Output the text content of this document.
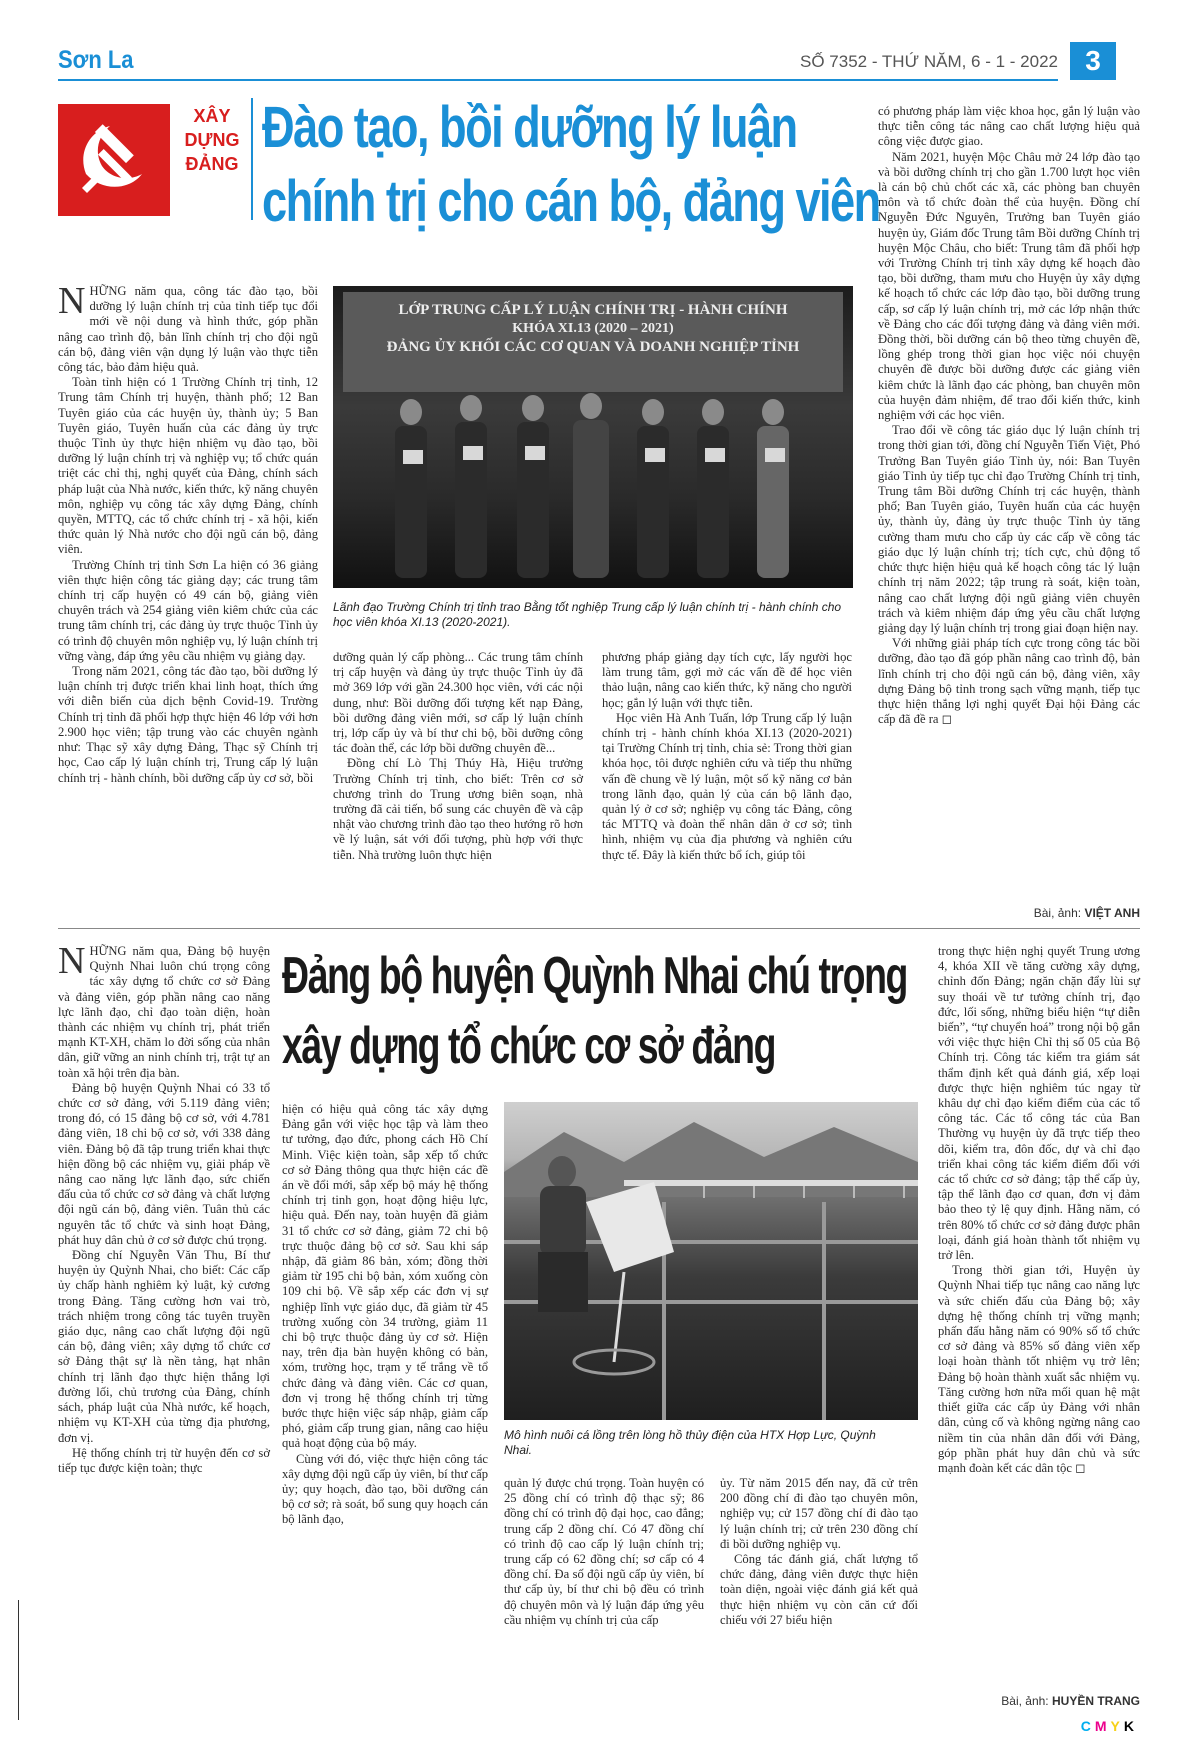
Sơn La	SỐ 7352 - THỨ NĂM, 6 - 1 - 2022 3
XÂY
DỰNG
ĐẢNG
Đào tạo, bồi dưỡng lý luận
chính trị cho cán bộ, đảng viên
LỚP TRUNG CẤP LÝ LUẬN CHÍNH TRỊ - HÀNH CHÍNH
KHÓA XI.13 (2020 – 2021)
ĐẢNG ỦY KHỐI CÁC CƠ QUAN VÀ DOANH NGHIỆP TỈNH
Lãnh đạo Trường Chính trị tỉnh trao Bằng tốt nghiệp Trung cấp lý luận chính trị - hành chính cho học viên khóa XI.13 (2020-2021).
N HỮNG năm qua, công tác đào tạo, bồi dưỡng lý luận chính trị của tỉnh tiếp tục đổi mới về nội dung và hình thức, góp phần nâng cao trình độ, bản lĩnh chính trị cho đội ngũ cán bộ, đảng viên vận dụng lý luận vào thực tiễn công tác, bảo đảm hiệu quả.

Toàn tỉnh hiện có 1 Trường Chính trị tỉnh, 12 Trung tâm Chính trị huyện, thành phố; 12 Ban Tuyên giáo của các huyện ủy, thành ủy; 5 Ban Tuyên giáo, Tuyên huấn của các đảng ủy trực thuộc Tỉnh ủy thực hiện nhiệm vụ đào tạo, bồi dưỡng lý luận chính trị và nghiệp vụ; tổ chức quán triệt các chỉ thị, nghị quyết của Đảng, chính sách pháp luật của Nhà nước, kiến thức, kỹ năng chuyên môn, nghiệp vụ công tác xây dựng Đảng, chính quyền, MTTQ, các tổ chức chính trị - xã hội, kiến thức quản lý Nhà nước cho đội ngũ cán bộ, đảng viên.

Trường Chính trị tỉnh Sơn La hiện có 36 giảng viên thực hiện công tác giảng dạy; các trung tâm chính trị cấp huyện có 49 cán bộ, giảng viên chuyên trách và 254 giảng viên kiêm chức của các trung tâm chính trị, các đảng ủy trực thuộc Tỉnh ủy có trình độ chuyên môn nghiệp vụ, lý luận chính trị vững vàng, đáp ứng yêu cầu nhiệm vụ giảng dạy.

Trong năm 2021, công tác đào tạo, bồi dưỡng lý luận chính trị được triển khai linh hoạt, thích ứng với diễn biến của dịch bệnh Covid-19. Trường Chính trị tỉnh đã phối hợp thực hiện 46 lớp với hơn 2.900 học viên; tập trung vào các chuyên ngành như: Thạc sỹ xây dựng Đảng, Thạc sỹ Chính trị học, Cao cấp lý luận chính trị, Trung cấp lý luận chính trị - hành chính, bồi dưỡng cấp ủy cơ sở, bồi

dưỡng quản lý cấp phòng... Các trung tâm chính trị cấp huyện và đảng ủy trực thuộc Tỉnh ủy đã mở 369 lớp với gần 24.300 học viên, với các nội dung, như: Bồi dưỡng đối tượng kết nạp Đảng, bồi dưỡng đảng viên mới, sơ cấp lý luận chính trị, lớp cấp ủy và bí thư chi bộ, bồi dưỡng công tác đoàn thể, các lớp bồi dưỡng chuyên đề...

Đồng chí Lò Thị Thúy Hà, Hiệu trưởng Trường Chính trị tỉnh, cho biết: Trên cơ sở chương trình do Trung ương biên soạn, nhà trường đã cải tiến, bổ sung các chuyên đề và cập nhật vào chương trình đào tạo theo hướng rõ hơn về lý luận, sát với đối tượng, phù hợp với thực tiễn. Nhà trường luôn thực hiện

phương pháp giảng dạy tích cực, lấy người học làm trung tâm, gợi mở các vấn đề để học viên thảo luận, nâng cao kiến thức, kỹ năng cho người học; gắn lý luận với thực tiễn.

Học viên Hà Anh Tuấn, lớp Trung cấp lý luận chính trị - hành chính khóa XI.13 (2020-2021) tại Trường Chính trị tỉnh, chia sẻ: Trong thời gian khóa học, tôi được nghiên cứu và tiếp thu những vấn đề chung về lý luận, một số kỹ năng cơ bản trong lãnh đạo, quản lý của cán bộ lãnh đạo, quản lý ở cơ sở; nghiệp vụ công tác Đảng, công tác MTTQ và đoàn thể nhân dân ở cơ sở; tình hình, nhiệm vụ của địa phương và nghiên cứu thực tế. Đây là kiến thức bổ ích, giúp tôi

có phương pháp làm việc khoa học, gắn lý luận vào thực tiễn công tác nâng cao chất lượng hiệu quả công việc được giao.

Năm 2021, huyện Mộc Châu mở 24 lớp đào tạo và bồi dưỡng chính trị cho gần 1.700 lượt học viên là cán bộ chủ chốt các xã, các phòng ban chuyên môn và tổ chức đoàn thể của huyện. Đồng chí Nguyễn Đức Nguyên, Trưởng ban Tuyên giáo huyện ủy, Giám đốc Trung tâm Bồi dưỡng Chính trị huyện Mộc Châu, cho biết: Trung tâm đã phối hợp với Trường Chính trị tỉnh xây dựng kế hoạch đào tạo, bồi dưỡng, tham mưu cho Huyện ủy xây dựng kế hoạch tổ chức các lớp đào tạo, bồi dưỡng trung cấp, sơ cấp lý luận chính trị, mở các lớp nhận thức về Đảng cho các đối tượng đảng và đảng viên mới. Đồng thời, bồi dưỡng cán bộ theo từng chuyên đề, lồng ghép trong thời gian học việc nói chuyện chuyên đề được bồi dưỡng được các giảng viên kiêm chức là lãnh đạo các phòng, ban chuyên môn của huyện đảm nhiệm, để trao đổi kiến thức, kinh nghiệm với các học viên.

Trao đổi về công tác giáo dục lý luận chính trị trong thời gian tới, đồng chí Nguyễn Tiến Việt, Phó Trưởng Ban Tuyên giáo Tỉnh ủy, nói: Ban Tuyên giáo Tỉnh ủy tiếp tục chỉ đạo Trường Chính trị tỉnh, Trung tâm Bồi dưỡng Chính trị các huyện, thành phố; Ban Tuyên giáo, Tuyên huấn của các huyện ủy, thành ủy, đảng ủy trực thuộc Tỉnh ủy tăng cường tham mưu cho cấp ủy các cấp về công tác giáo dục lý luận chính trị; tích cực, chủ động tổ chức thực hiện hiệu quả kế hoạch công tác lý luận chính trị năm 2022; tập trung rà soát, kiện toàn, nâng cao chất lượng đội ngũ giảng viên chuyên trách và kiêm nhiệm đáp ứng yêu cầu chất lượng giảng dạy lý luận chính trị trong giai đoạn hiện nay.

Với những giải pháp tích cực trong công tác bồi dưỡng, đào tạo đã góp phần nâng cao trình độ, bản lĩnh chính trị cho đội ngũ cán bộ, đảng viên, xây dựng Đảng bộ tỉnh trong sạch vững mạnh, tiếp tục thực hiện thắng lợi nghị quyết Đại hội Đảng các cấp đã đề ra ◻

Bài, ảnh: VIỆT ANH
Đảng bộ huyện Quỳnh Nhai chú trọng
xây dựng tổ chức cơ sở đảng
Mô hình nuôi cá lồng trên lòng hồ thủy điện của HTX Hợp Lực, Quỳnh Nhai.
N HỮNG năm qua, Đảng bộ huyện Quỳnh Nhai luôn chú trọng công tác xây dựng tổ chức cơ sở Đảng và đảng viên, góp phần nâng cao năng lực lãnh đạo, chỉ đạo toàn diện, hoàn thành các nhiệm vụ chính trị, phát triển mạnh KT-XH, chăm lo đời sống của nhân dân, giữ vững an ninh chính trị, trật tự an toàn xã hội trên địa bàn.

Đảng bộ huyện Quỳnh Nhai có 33 tổ chức cơ sở đảng, với 5.119 đảng viên; trong đó, có 15 đảng bộ cơ sở, với 4.781 đảng viên, 18 chi bộ cơ sở, với 338 đảng viên. Đảng bộ đã tập trung triển khai thực hiện đồng bộ các nhiệm vụ, giải pháp về nâng cao năng lực lãnh đạo, sức chiến đấu của tổ chức cơ sở đảng và chất lượng đội ngũ cán bộ, đảng viên. Tuân thủ các nguyên tắc tổ chức và sinh hoạt Đảng, phát huy dân chủ ở cơ sở được chú trọng.

Đồng chí Nguyễn Văn Thu, Bí thư huyện ủy Quỳnh Nhai, cho biết: Các cấp ủy chấp hành nghiêm kỷ luật, kỷ cương trong Đảng. Tăng cường hơn vai trò, trách nhiệm trong công tác tuyên truyền giáo dục, nâng cao chất lượng đội ngũ cán bộ, đảng viên; xây dựng tổ chức cơ sở Đảng thật sự là nền tảng, hạt nhân chính trị lãnh đạo thực hiện thắng lợi đường lối, chủ trương của Đảng, chính sách, pháp luật của Nhà nước, kế hoạch, nhiệm vụ KT-XH của từng địa phương, đơn vị.

Hệ thống chính trị từ huyện đến cơ sở tiếp tục được kiện toàn; thực

hiện có hiệu quả công tác xây dựng Đảng gắn với việc học tập và làm theo tư tưởng, đạo đức, phong cách Hồ Chí Minh. Việc kiện toàn, sắp xếp tổ chức cơ sở Đảng thông qua thực hiện các đề án về đổi mới, sắp xếp bộ máy hệ thống chính trị tinh gọn, hoạt động hiệu lực, hiệu quả. Đến nay, toàn huyện đã giảm 31 tổ chức cơ sở đảng, giảm 72 chi bộ trực thuộc đảng bộ cơ sở. Sau khi sáp nhập, đã giảm 86 bản, xóm; đồng thời giảm từ 195 chi bộ bản, xóm xuống còn 109 chi bộ. Về sắp xếp các đơn vị sự nghiệp lĩnh vực giáo dục, đã giảm từ 45 trường xuống còn 34 trường, giảm 11 chi bộ trực thuộc đảng ủy cơ sở. Hiện nay, trên địa bàn huyện không có bản, xóm, trường học, trạm y tế trắng về tổ chức đảng và đảng viên. Các cơ quan, đơn vị trong hệ thống chính trị từng bước thực hiện việc sáp nhập, giảm cấp phó, giảm cấp trung gian, nâng cao hiệu quả hoạt động của bộ máy.

Cùng với đó, việc thực hiện công tác xây dựng đội ngũ cấp ủy viên, bí thư cấp ủy; quy hoạch, đào tạo, bồi dưỡng cán bộ cơ sở; rà soát, bổ sung quy hoạch cán bộ lãnh đạo,

quản lý được chú trọng. Toàn huyện có 25 đồng chí có trình độ thạc sỹ; 86 đồng chí có trình độ đại học, cao đẳng; trung cấp 2 đồng chí. Có 47 đồng chí có trình độ cao cấp lý luận chính trị; trung cấp có 62 đồng chí; sơ cấp có 4 đồng chí. Đa số đội ngũ cấp ủy viên, bí thư cấp ủy, bí thư chi bộ đều có trình độ chuyên môn và lý luận đáp ứng yêu cầu nhiệm vụ chính trị của cấp

ủy. Từ năm 2015 đến nay, đã cử trên 200 đồng chí đi đào tạo chuyên môn, nghiệp vụ; cử 157 đồng chí đi đào tạo lý luận chính trị; cử trên 230 đồng chí đi bồi dưỡng nghiệp vụ.

Công tác đánh giá, chất lượng tổ chức đảng, đảng viên được thực hiện toàn diện, ngoài việc đánh giá kết quả thực hiện nhiệm vụ còn căn cứ đối chiếu với 27 biểu hiện

trong thực hiện nghị quyết Trung ương 4, khóa XII về tăng cường xây dựng, chỉnh đốn Đảng; ngăn chặn đẩy lùi sự suy thoái về tư tưởng chính trị, đạo đức, lối sống, những biểu hiện “tự diễn biến”, “tự chuyển hoá” trong nội bộ gắn với việc thực hiện Chỉ thị số 05 của Bộ Chính trị. Công tác kiểm tra giám sát thẩm định kết quả đánh giá, xếp loại được thực hiện nghiêm túc ngay từ khâu dự chỉ đạo kiểm điểm của các tổ công tác. Các tổ công tác của Ban Thường vụ huyện ủy đã trực tiếp theo dõi, kiểm tra, đôn đốc, dự và chỉ đạo triển khai công tác kiểm điểm đối với các tổ chức cơ sở đảng; tập thể cấp ủy, tập thể lãnh đạo cơ quan, đơn vị đảm bảo theo tỷ lệ quy định. Hằng năm, có trên 80% tổ chức cơ sở đảng được phân loại, đánh giá hoàn thành tốt nhiệm vụ trở lên.

Trong thời gian tới, Huyện ủy Quỳnh Nhai tiếp tục nâng cao năng lực và sức chiến đấu của Đảng bộ; xây dựng hệ thống chính trị vững mạnh; phấn đấu hằng năm có 90% số tổ chức cơ sở đảng và 85% số đảng viên xếp loại hoàn thành tốt nhiệm vụ trở lên; Đảng bộ hoàn thành xuất sắc nhiệm vụ. Tăng cường hơn nữa mối quan hệ mật thiết giữa các cấp ủy Đảng với nhân dân, củng cố và không ngừng nâng cao niềm tin của nhân dân đối với Đảng, góp phần phát huy dân chủ và sức mạnh đoàn kết các dân tộc ◻

Bài, ảnh: HUYỀN TRANG
CMYK
